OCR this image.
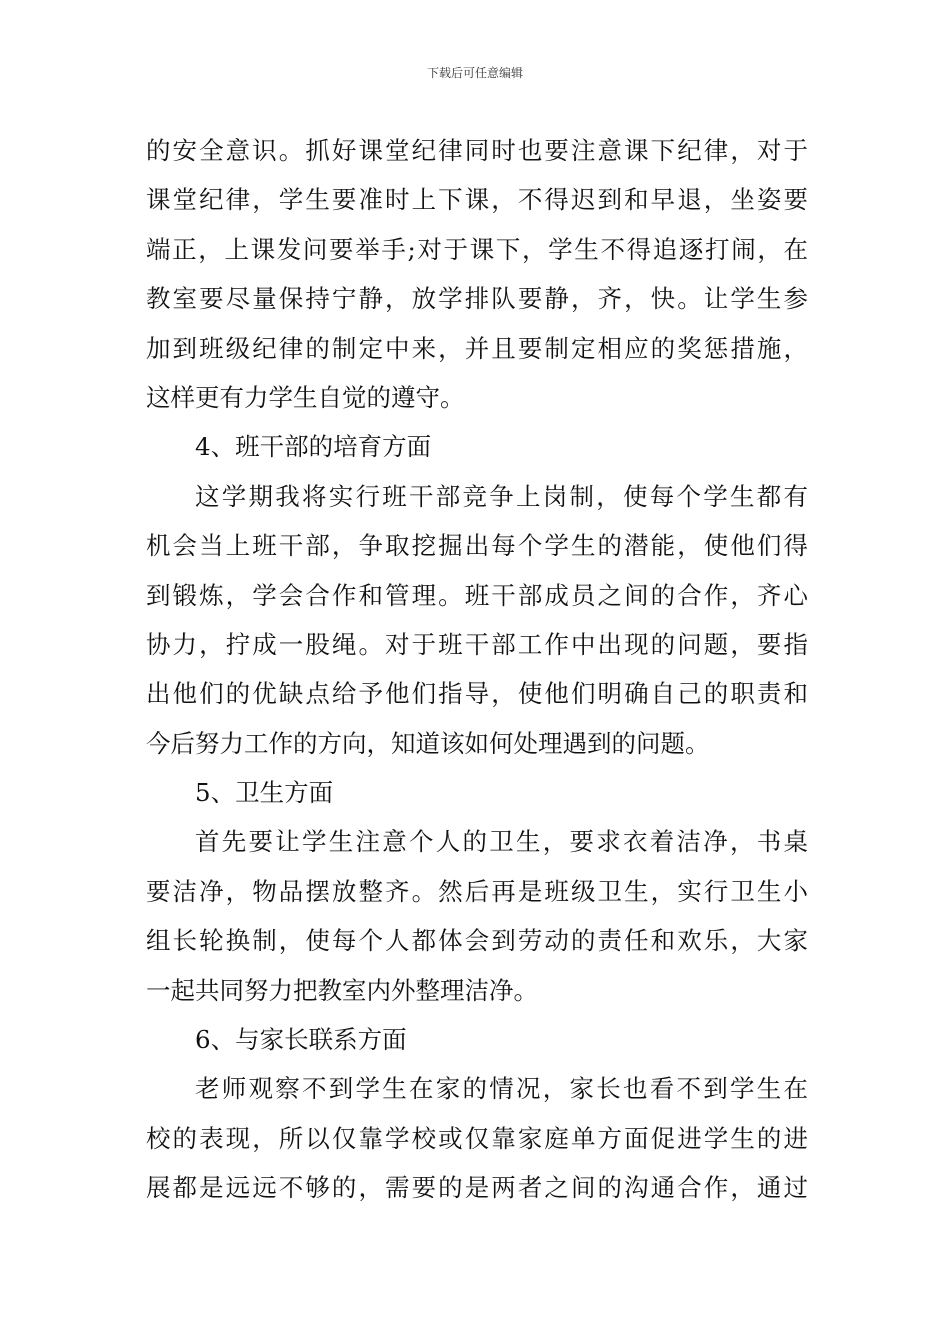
下载后可任意编辑
的安全意识。抓好课堂纪律同时也要注意课下纪律，对于
课堂纪律，学生要准时上下课，不得迟到和早退，坐姿要
端正，上课发问要举手;对于课下，学生不得追逐打闹，在
教室要尽量保持宁静，放学排队要静，齐，快。让学生参
加到班级纪律的制定中来，并且要制定相应的奖惩措施，
这样更有力学生自觉的遵守。
4、班干部的培育方面
这学期我将实行班干部竞争上岗制，使每个学生都有
机会当上班干部，争取挖掘出每个学生的潜能，使他们得
到锻炼，学会合作和管理。班干部成员之间的合作，齐心
协力，拧成一股绳。对于班干部工作中出现的问题，要指
出他们的优缺点给予他们指导，使他们明确自己的职责和
今后努力工作的方向，知道该如何处理遇到的问题。
5、卫生方面
首先要让学生注意个人的卫生，要求衣着洁净，书桌
要洁净，物品摆放整齐。然后再是班级卫生，实行卫生小
组长轮换制，使每个人都体会到劳动的责任和欢乐，大家
一起共同努力把教室内外整理洁净。
6、与家长联系方面
老师观察不到学生在家的情况，家长也看不到学生在
校的表现，所以仅靠学校或仅靠家庭单方面促进学生的进
展都是远远不够的，需要的是两者之间的沟通合作，通过
